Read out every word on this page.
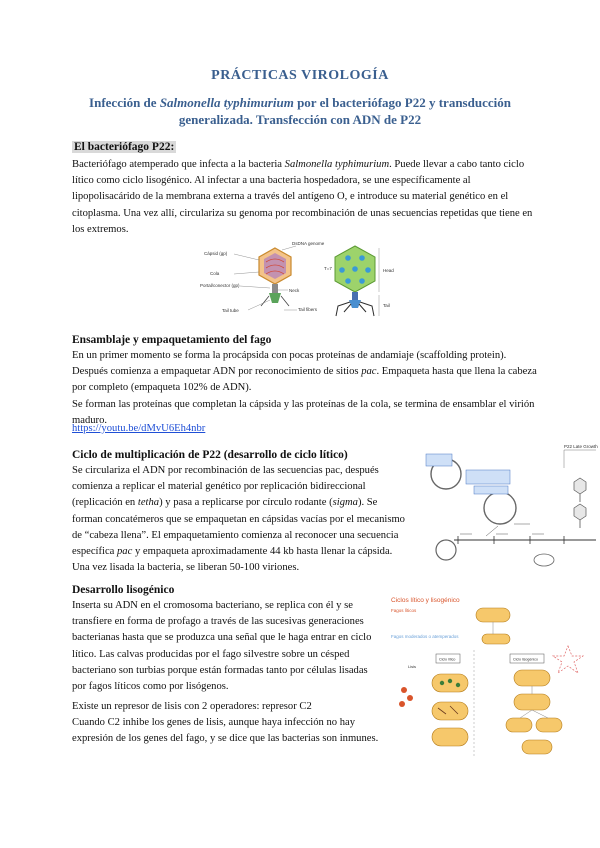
PRÁCTICAS VIROLOGÍA
Infección de Salmonella typhimurium por el bacteriófago P22 y transducción generalizada. Transfección con ADN de P22
El bacteriófago P22:
Bacteriófago atemperado que infecta a la bacteria Salmonella typhimurium. Puede llevar a cabo tanto ciclo lítico como ciclo lisogénico. Al infectar a una bacteria hospedadora, se une específicamente al lipopolisacárido de la membrana externa a través del antígeno O, e introduce su material genético en el citoplasma. Una vez allí, circulariza su genoma por recombinación de unas secuencias repetidas que tiene en los extremos.
Cápsid (gp)
Cola
Portal/conector (gp)
Tail tube
DsDNA genome
Neck
Tail fibers
T=7	Head
Tail
Ensamblaje y empaquetamiento del fago
En un primer momento se forma la procápsida con pocas proteínas de andamiaje (scaffolding protein).
Después comienza a empaquetar ADN por reconocimiento de sitios pac. Empaqueta hasta que llena la cabeza por completo (empaqueta 102% de ADN).
Se forman las proteínas que completan la cápsida y las proteínas de la cola, se termina de ensamblar el virión maduro.
https://youtu.be/dMvU6Eh4nbr
Ciclo de multiplicación de P22 (desarrollo de ciclo lítico)
Se circulariza el ADN por recombinación de las secuencias pac, después comienza a replicar el material genético por replicación bidireccional (replicación en tetha) y pasa a replicarse por círculo rodante (sigma). Se forman concatémeros que se empaquetan en cápsidas vacías por el mecanismo de “cabeza llena”. El empaquetamiento comienza al reconocer una secuencia específica pac y empaqueta aproximadamente 44 kb hasta llenar la cápsida. Una vez lisada la bacteria, se liberan 50-100 viriones.
P22 Late Growth
Desarrollo lisogénico
Inserta su ADN en el cromosoma bacteriano, se replica con él y se transfiere en forma de profago a través de las sucesivas generaciones bacterianas hasta que se produzca una señal que le haga entrar en ciclo lítico. Las calvas producidas por el fago silvestre sobre un césped bacteriano son turbias porque están formadas tanto por células lisadas por fagos líticos como por lisógenos.
Existe un represor de lisis con 2 operadores: represor C2
Cuando C2 inhibe los genes de lisis, aunque haya infección no hay expresión de los genes del fago, y se dice que las bacterias son inmunes.
Ciclos lítico y lisogénico
Fagos líticos
Fagos moderados o atemperados
Ciclo lítico	Ciclo lisogénico
Lisis
